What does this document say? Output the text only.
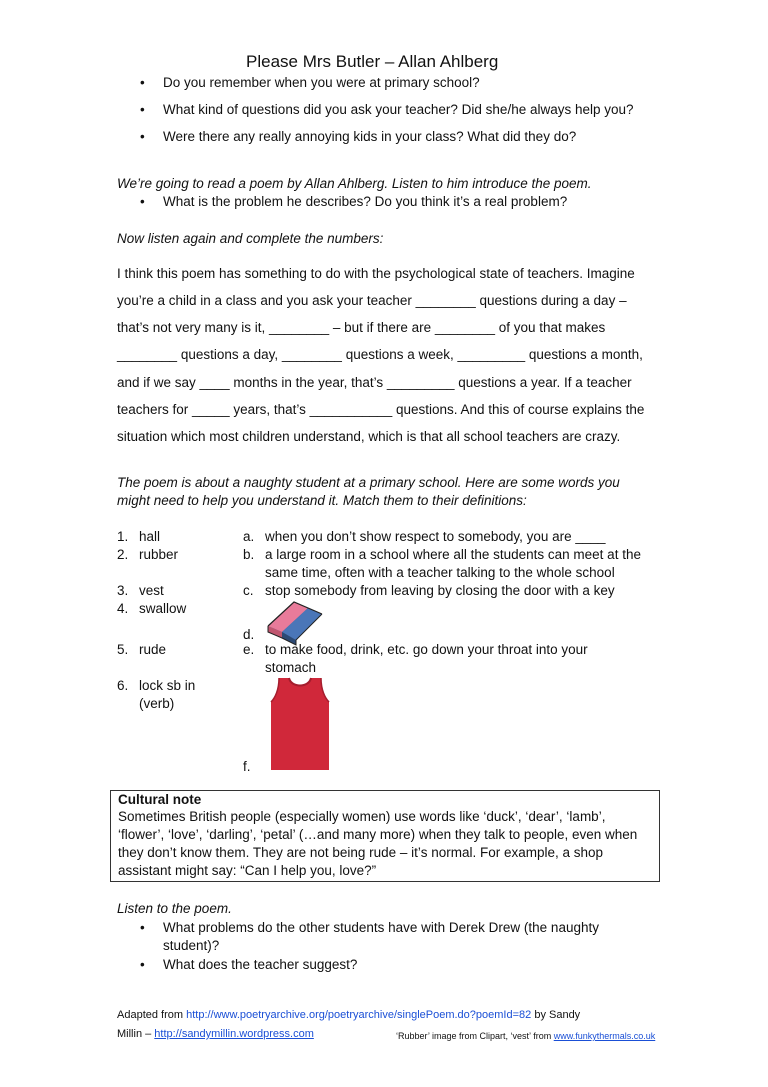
Please Mrs Butler – Allan Ahlberg
• Do you remember when you were at primary school?
• What kind of questions did you ask your teacher? Did she/he always help you?
• Were there any really annoying kids in your class? What did they do?
We’re going to read a poem by Allan Ahlberg. Listen to him introduce the poem.
• What is the problem he describes? Do you think it’s a real problem?
Now listen again and complete the numbers:
I think this poem has something to do with the psychological state of teachers. Imagine
you’re a child in a class and you ask your teacher ________ questions during a day –
that’s not very many is it, ________ – but if there are ________ of you that makes
________ questions a day, ________ questions a week, _________ questions a month,
and if we say ____ months in the year, that’s _________ questions a year. If a teacher
teachers for _____ years, that’s ___________ questions. And this of course explains the
situation which most children understand, which is that all school teachers are crazy.
The poem is about a naughty student at a primary school. Here are some words you
might need to help you understand it. Match them to their definitions:
1. hall
2. rubber
3. vest
4. swallow
5. rude
6. lock sb in
(verb)
a. when you don’t show respect to somebody, you are ____
b. a large room in a school where all the students can meet at the
same time, often with a teacher talking to the whole school
c. stop somebody from leaving by closing the door with a key
d.
e. to make food, drink, etc. go down your throat into your
stomach
f.
Cultural note
Sometimes British people (especially women) use words like ‘duck’, ‘dear’, ‘lamb’,
‘flower’, ‘love’, ‘darling’, ‘petal’ (…and many more) when they talk to people, even when
they don’t know them. They are not being rude – it’s normal. For example, a shop
assistant might say: “Can I help you, love?”
Listen to the poem.
• What problems do the other students have with Derek Drew (the naughty
student)?
• What does the teacher suggest?
Adapted from http://www.poetryarchive.org/poetryarchive/singlePoem.do?poemId=82 by Sandy
Millin – http://sandymillin.wordpress.com	‘Rubber’ image from Clipart, ‘vest’ from www.funkythermals.co.uk
